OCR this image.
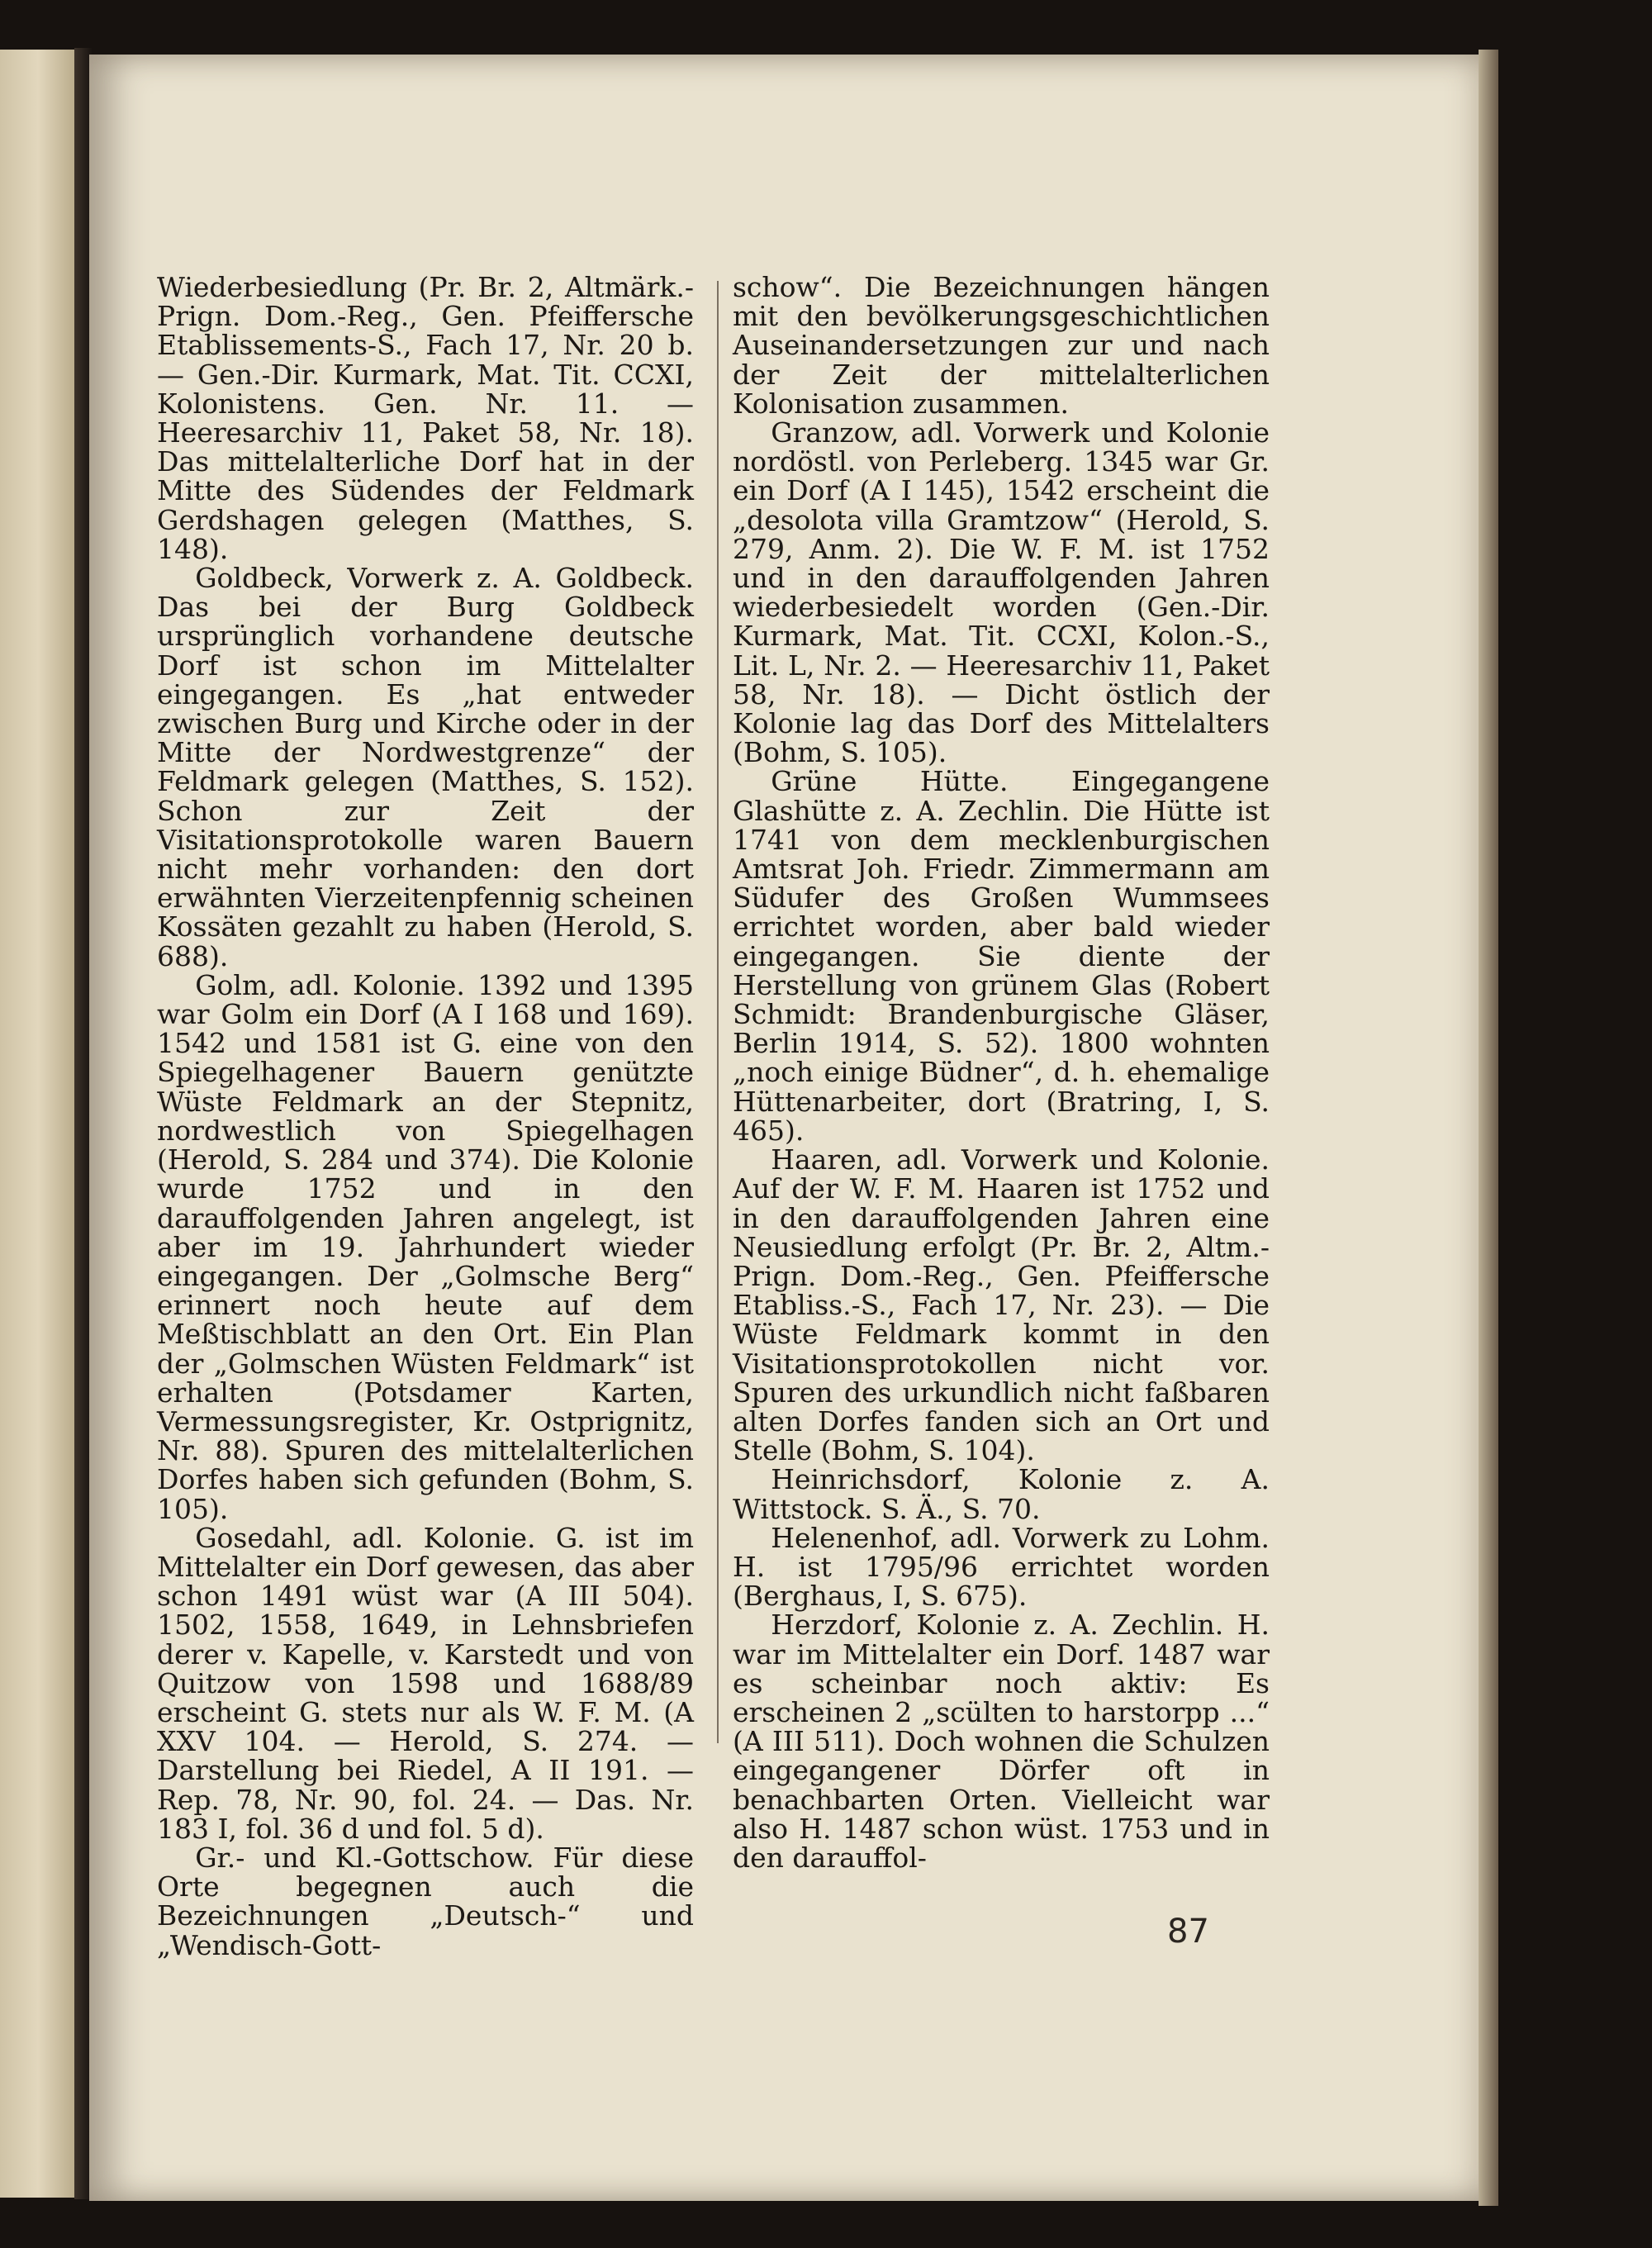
Wiederbesiedlung (Pr. Br. 2, Altmärk.-Prign. Dom.-Reg., Gen. Pfeiffersche Etablissements-S., Fach 17, Nr. 20 b. — Gen.-Dir. Kurmark, Mat. Tit. CCXI, Kolonistens. Gen. Nr. 11. — Heeresarchiv 11, Paket 58, Nr. 18). Das mittelalterliche Dorf hat in der Mitte des Südendes der Feldmark Gerdshagen gelegen (Matthes, S. 148).

Goldbeck, Vorwerk z. A. Goldbeck. Das bei der Burg Goldbeck ursprünglich vorhandene deutsche Dorf ist schon im Mittelalter eingegangen. Es „hat entweder zwischen Burg und Kirche oder in der Mitte der Nordwestgrenze“ der Feldmark gelegen (Matthes, S. 152). Schon zur Zeit der Visitationsprotokolle waren Bauern nicht mehr vorhanden: den dort erwähnten Vierzeitenpfennig scheinen Kossäten gezahlt zu haben (Herold, S. 688).

Golm, adl. Kolonie. 1392 und 1395 war Golm ein Dorf (A I 168 und 169). 1542 und 1581 ist G. eine von den Spiegelhagener Bauern genützte Wüste Feldmark an der Stepnitz, nordwestlich von Spiegelhagen (Herold, S. 284 und 374). Die Kolonie wurde 1752 und in den darauffolgenden Jahren angelegt, ist aber im 19. Jahrhundert wieder eingegangen. Der „Golmsche Berg“ erinnert noch heute auf dem Meßtischblatt an den Ort. Ein Plan der „Golmschen Wüsten Feldmark“ ist erhalten (Potsdamer Karten, Vermessungsregister, Kr. Ostprignitz, Nr. 88). Spuren des mittelalterlichen Dorfes haben sich gefunden (Bohm, S. 105).

Gosedahl, adl. Kolonie. G. ist im Mittelalter ein Dorf gewesen, das aber schon 1491 wüst war (A III 504). 1502, 1558, 1649, in Lehnsbriefen derer v. Kapelle, v. Karstedt und von Quitzow von 1598 und 1688/89 erscheint G. stets nur als W. F. M. (A XXV 104. — Herold, S. 274. — Darstellung bei Riedel, A II 191. — Rep. 78, Nr. 90, fol. 24. — Das. Nr. 183 I, fol. 36 d und fol. 5 d).

Gr.- und Kl.-Gottschow. Für diese Orte begegnen auch die Bezeichnungen „Deutsch-“ und „Wendisch-Gott-

schow“. Die Bezeichnungen hängen mit den bevölkerungsgeschichtlichen Auseinandersetzungen zur und nach der Zeit der mittelalterlichen Kolonisation zusammen.

Granzow, adl. Vorwerk und Kolonie nordöstl. von Perleberg. 1345 war Gr. ein Dorf (A I 145), 1542 erscheint die „desolota villa Gramtzow“ (Herold, S. 279, Anm. 2). Die W. F. M. ist 1752 und in den darauffolgenden Jahren wiederbesiedelt worden (Gen.-Dir. Kurmark, Mat. Tit. CCXI, Kolon.-S., Lit. L, Nr. 2. — Heeresarchiv 11, Paket 58, Nr. 18). — Dicht östlich der Kolonie lag das Dorf des Mittelalters (Bohm, S. 105).

Grüne Hütte. Eingegangene Glashütte z. A. Zechlin. Die Hütte ist 1741 von dem mecklenburgischen Amtsrat Joh. Friedr. Zimmermann am Südufer des Großen Wummsees errichtet worden, aber bald wieder eingegangen. Sie diente der Herstellung von grünem Glas (Robert Schmidt: Brandenburgische Gläser, Berlin 1914, S. 52). 1800 wohnten „noch einige Büdner“, d. h. ehemalige Hüttenarbeiter, dort (Bratring, I, S. 465).

Haaren, adl. Vorwerk und Kolonie. Auf der W. F. M. Haaren ist 1752 und in den darauffolgenden Jahren eine Neusiedlung erfolgt (Pr. Br. 2, Altm.-Prign. Dom.-Reg., Gen. Pfeiffersche Etabliss.-S., Fach 17, Nr. 23). — Die Wüste Feldmark kommt in den Visitationsprotokollen nicht vor. Spuren des urkundlich nicht faßbaren alten Dorfes fanden sich an Ort und Stelle (Bohm, S. 104).

Heinrichsdorf, Kolonie z. A. Wittstock. S. Ä., S. 70.

Helenenhof, adl. Vorwerk zu Lohm. H. ist 1795/96 errichtet worden (Berghaus, I, S. 675).

Herzdorf, Kolonie z. A. Zechlin. H. war im Mittelalter ein Dorf. 1487 war es scheinbar noch aktiv: Es erscheinen 2 „scülten to harstorpp ...“ (A III 511). Doch wohnen die Schulzen eingegangener Dörfer oft in benachbarten Orten. Vielleicht war also H. 1487 schon wüst. 1753 und in den darauffol-

87
